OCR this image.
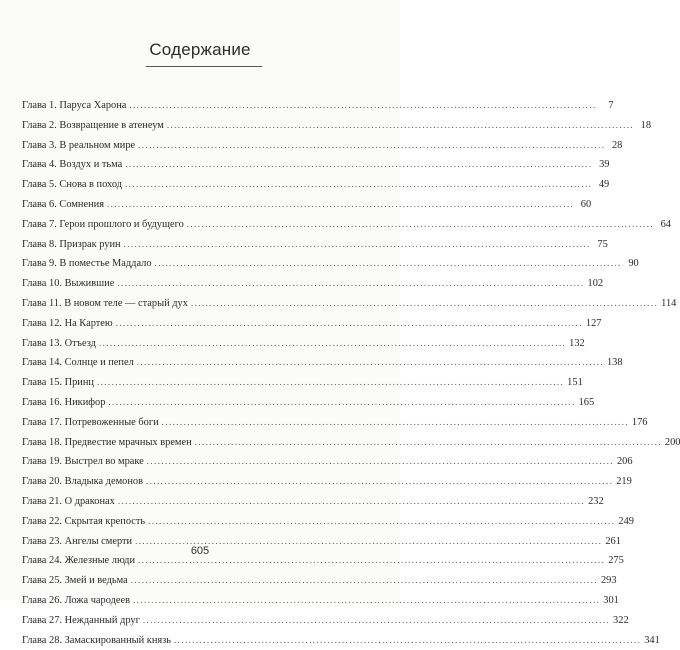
Содержание
Глава 1. Паруса Харона .....	7
Глава 2. Возвращение в атенеум .....	18
Глава 3. В реальном мире .....	28
Глава 4. Воздух и тьма .....	39
Глава 5. Снова в поход .....	49
Глава 6. Сомнения .....	60
Глава 7. Герои прошлого и будущего .....	64
Глава 8. Призрак руин .....	75
Глава 9. В поместье Маддало .....	90
Глава 10. Выжившие .....	102
Глава 11. В новом теле — старый дух .....	114
Глава 12. На Картею .....	127
Глава 13. Отъезд .....	132
Глава 14. Солнце и пепел .....	138
Глава 15. Принц .....	151
Глава 16. Никифор .....	165
Глава 17. Потревоженные боги .....	176
Глава 18. Предвестие мрачных времен .....	200
Глава 19. Выстрел во мраке .....	206
Глава 20. Владыка демонов .....	219
Глава 21. О драконах .....	232
Глава 22. Скрытая крепость .....	249
Глава 23. Ангелы смерти .....	261
Глава 24. Железные люди .....	275
Глава 25. Змей и ведьма .....	293
Глава 26. Ложа чародеев .....	301
Глава 27. Нежданный друг .....	322
Глава 28. Замаскированный князь .....	341
605
